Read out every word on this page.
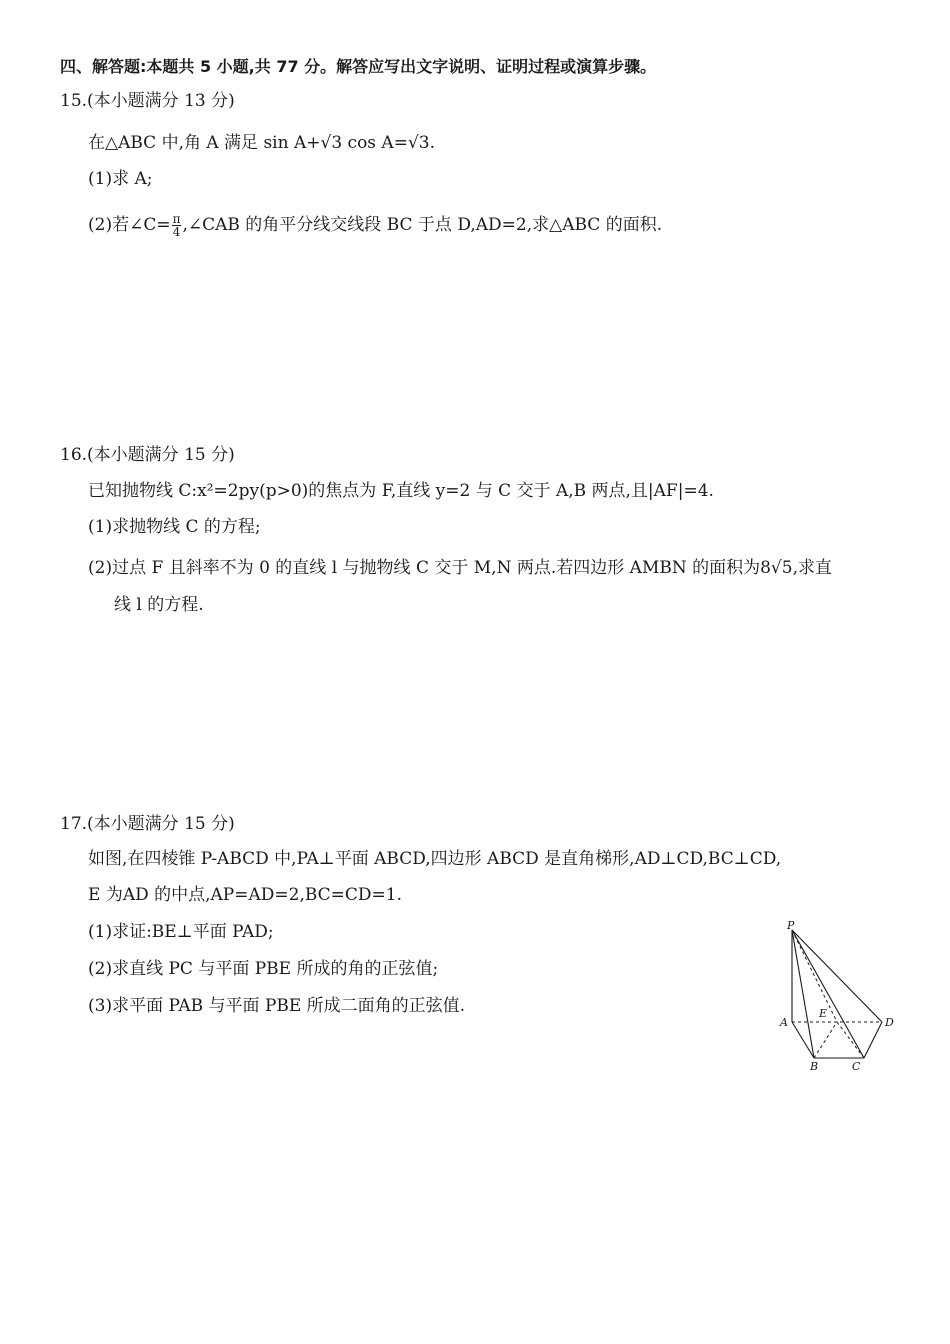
四、解答题:本题共 5 小题,共 77 分。解答应写出文字说明、证明过程或演算步骤。
15.(本小题满分 13 分)
在△ABC 中,角 A 满足 sin A+√3 cos A=√3.
(1)求 A;
(2)若∠C= $\frac{\pi}{4}$ ,∠CAB 的角平分线交线段 BC 于点 D,AD=2,求△ABC 的面积.
16.(本小题满分 15 分)
已知抛物线 C:x²=2py(p>0)的焦点为 F,直线 y=2 与 C 交于 A,B 两点,且|AF|=4.
(1)求抛物线 C 的方程;
(2)过点 F 且斜率不为 0 的直线 l 与抛物线 C 交于 M,N 两点.若四边形 AMBN 的面积为8√5,求直
线 l 的方程.
17.(本小题满分 15 分)
如图,在四棱锥 P-ABCD 中,PA⊥平面 ABCD,四边形 ABCD 是直角梯形,AD⊥CD,BC⊥CD,
E 为AD 的中点,AP=AD=2,BC=CD=1.
(1)求证:BE⊥平面 PAD;
(2)求直线 PC 与平面 PBE 所成的角的正弦值;
(3)求平面 PAB 与平面 PBE 所成二面角的正弦值.
P
A
E
D
B	C
